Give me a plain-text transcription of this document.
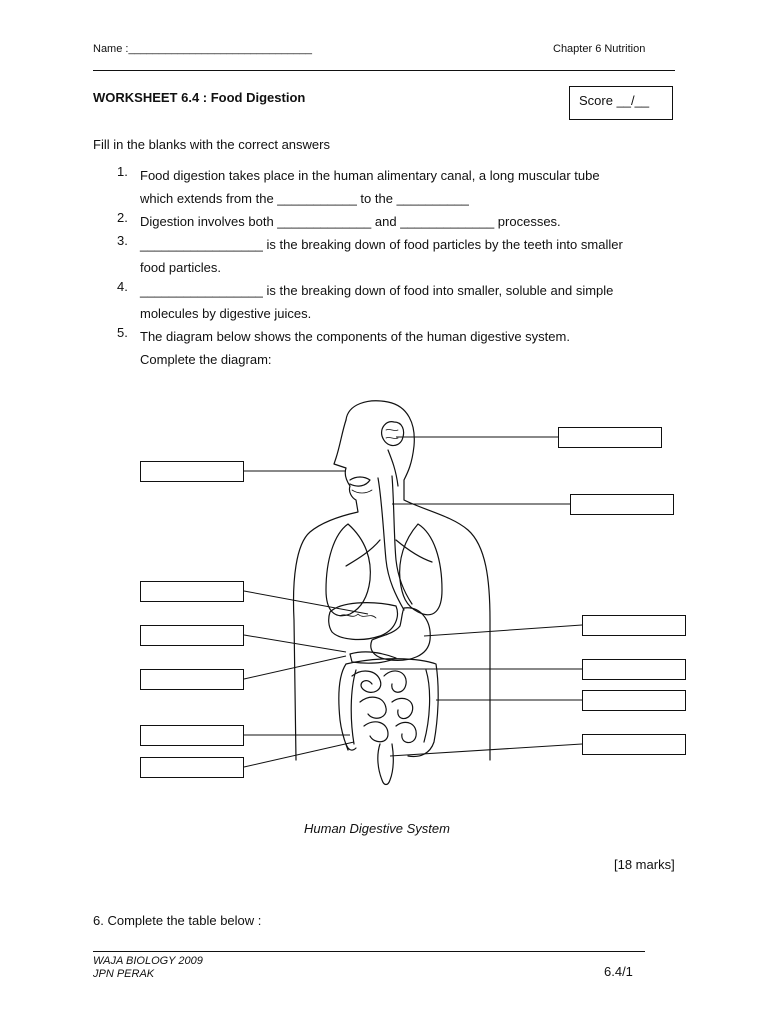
Name :______________________________	Chapter 6 Nutrition
WORKSHEET 6.4 : Food Digestion	Score __/__
Fill in the blanks with the correct answers
1. Food digestion takes place in the human alimentary canal, a long muscular tube
which extends from the ___________ to the __________
2. Digestion involves both _____________ and _____________ processes.
3. _________________ is the breaking down of food particles by the teeth into smaller
food particles.
4. _________________ is the breaking down of food into smaller, soluble and simple
molecules by digestive juices.
5. The diagram below shows the components of the human digestive system.
Complete the diagram:
Human Digestive System
[18 marks]
6. Complete the table below :
WAJA BIOLOGY 2009
JPN PERAK	6.4/1
